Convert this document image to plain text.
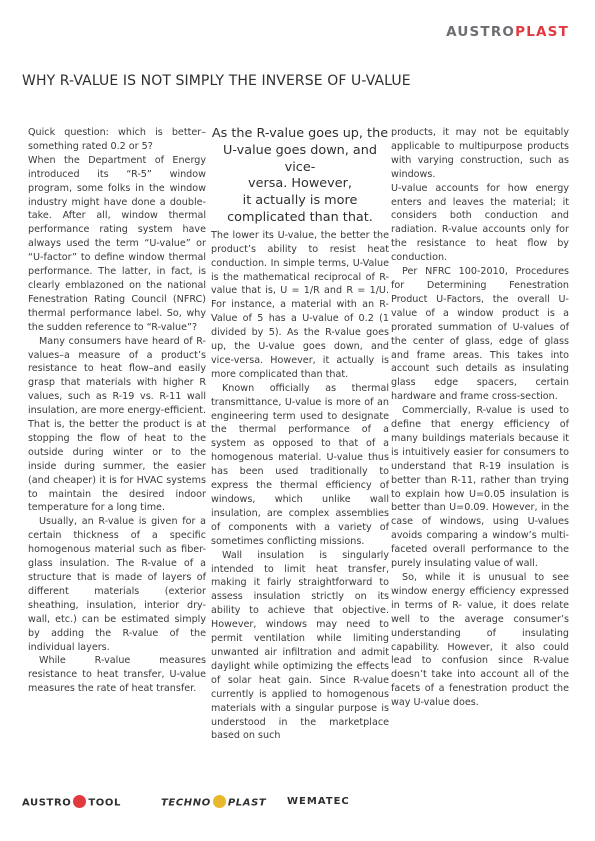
AUSTROPLAST
WHY R-VALUE IS NOT SIMPLY THE INVERSE OF U-VALUE

Quick question: which is better–something rated 0.2 or 5?

When the Department of Energy introduced its “R-5” window program, some folks in the window industry might have done a double-take. After all, window thermal performance rating system have always used the term “U-value” or “U-factor” to define window thermal performance. The latter, in fact, is clearly emblazoned on the national Fenestration Rating Council (NFRC) thermal performance label. So, why the sudden reference to “R-value”?

Many consumers have heard of R-values–a measure of a product’s resistance to heat flow–and easily grasp that materials with higher R values, such as R-19 vs. R-11 wall insulation, are more energy-efficient. That is, the better the product is at stopping the flow of heat to the outside during winter or to the inside during summer, the easier (and cheaper) it is for HVAC systems to maintain the desired indoor temperature for a long time.

Usually, an R-value is given for a certain thickness of a specific homogenous material such as fiber-glass insulation. The R-value of a structure that is made of layers of different materials (exterior sheathing, insulation, interior dry-wall, etc.) can be estimated simply by adding the R-value of the individual layers.

While R-value measures resistance to heat transfer, U-value measures the rate of heat transfer.

As the R-value goes up, the
U-value goes down, and vice-
versa. However,
it actually is more
complicated than that.

The lower its U-value, the better the product’s ability to resist heat conduction. In simple terms, U-Value is the mathematical reciprocal of R-value that is, U = 1/R and R = 1/U. For instance, a material with an R-Value of 5 has a U-value of 0.2 (1 divided by 5). As the R-value goes up, the U-value goes down, and vice-versa. However, it actually is more complicated than that.

Known officially as thermal transmittance, U-value is more of an engineering term used to designate the thermal performance of a system as opposed to that of a homogenous material. U-value thus has been used traditionally to express the thermal efficiency of windows, which unlike wall insulation, are complex assemblies of components with a variety of sometimes conflicting missions.

Wall insulation is singularly intended to limit heat transfer, making it fairly straightforward to assess insulation strictly on its ability to achieve that objective. However, windows may need to permit ventilation while limiting unwanted air infiltration and admit daylight while optimizing the effects of solar heat gain. Since R-value currently is applied to homogenous materials with a singular purpose is understood in the marketplace based on such

products, it may not be equitably applicable to multipurpose products with varying construction, such as windows.

U-value accounts for how energy enters and leaves the material; it considers both conduction and radiation. R-value accounts only for the resistance to heat flow by conduction.

Per NFRC 100-2010, Procedures for Determining Fenestration Product U-Factors, the overall U-value of a window product is a prorated summation of U-values of the center of glass, edge of glass and frame areas. This takes into account such details as insulating glass edge spacers, certain hardware and frame cross-section.

Commercially, R-value is used to define that energy efficiency of many buildings materials because it is intuitively easier for consumers to understand that R-19 insulation is better than R-11, rather than trying to explain how U=0.05 insulation is better than U=0.09. However, in the case of windows, using U-values avoids comparing a window’s multi-faceted overall performance to the purely insulating value of wall.

So, while it is unusual to see window energy efficiency expressed in terms of R- value, it does relate well to the average consumer’s understanding of insulating capability. However, it also could lead to confusion since R-value doesn’t take into account all of the facets of a fenestration product the way U-value does.

AUSTRO TOOL	TECHNO PLAST WEMATEC
